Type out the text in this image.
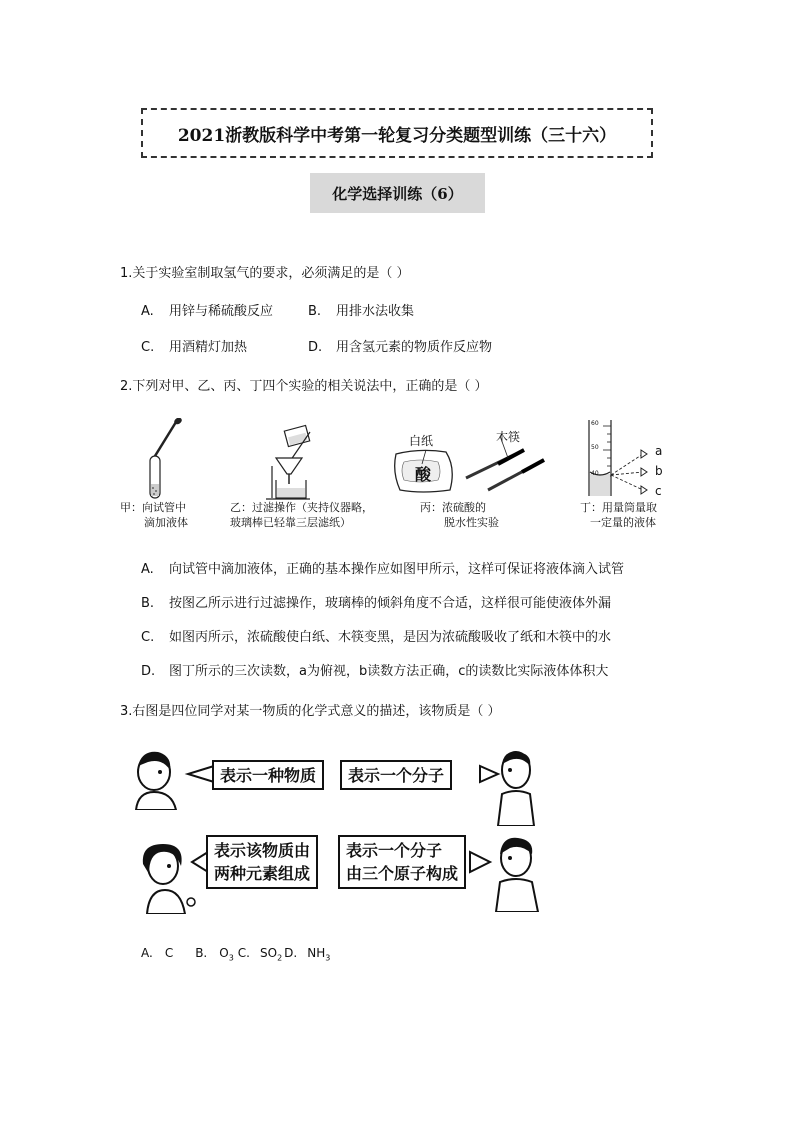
2021浙教版科学中考第一轮复习分类题型训练（三十六）
化学选择训练（6）
1.关于实验室制取氢气的要求，必须满足的是（ ）
A. 用锌与稀硫酸反应	B. 用排水法收集
C. 用酒精灯加热	D. 用含氢元素的物质作反应物
2.下列对甲、乙、丙、丁四个实验的相关说法中，正确的是（ ）
甲：向试管中
滴加液体
乙：过滤操作（夹持仪器略，
玻璃棒已轻靠三层滤纸）
白纸	木筷
酸
丙：浓硫酸的
脱水性实验
60
50
40
a
b
c
丁：用量筒量取
一定量的液体
A. 向试管中滴加液体，正确的基本操作应如图甲所示，这样可保证将液体滴入试管
B. 按图乙所示进行过滤操作，玻璃棒的倾斜角度不合适，这样很可能使液体外漏
C. 如图丙所示，浓硫酸使白纸、木筷变黑，是因为浓硫酸吸收了纸和木筷中的水
D. 图丁所示的三次读数，a为俯视，b读数方法正确，c的读数比实际液体体积大
3.右图是四位同学对某一物质的化学式意义的描述，该物质是（ ）
表示一种物质	表示一个分子
表示该物质由
两种元素组成
表示一个分子
由三个原子构成
A. C B. $O_3$ C. $SO_2$ D. $NH_3$
